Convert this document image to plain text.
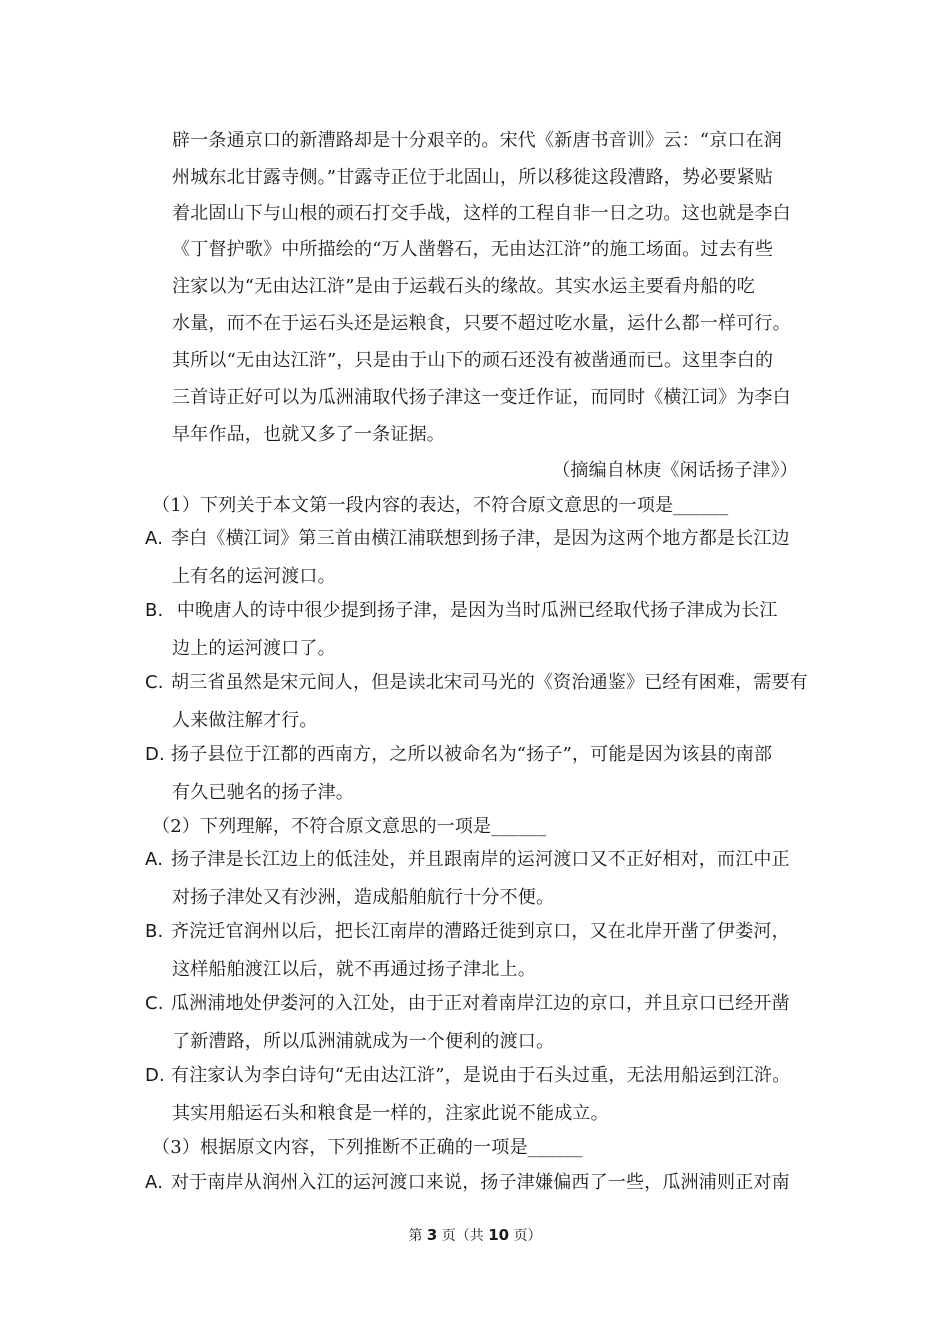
辟一条通京口的新漕路却是十分艰辛的。宋代《新唐书音训》云：“京口在润
州城东北甘露寺侧。”甘露寺正位于北固山，所以移徙这段漕路，势必要紧贴
着北固山下与山根的顽石打交手战，这样的工程自非一日之功。这也就是李白
《丁督护歌》中所描绘的“万人凿磐石，无由达江浒”的施工场面。过去有些
注家以为“无由达江浒”是由于运载石头的缘故。其实水运主要看舟船的吃
水量，而不在于运石头还是运粮食，只要不超过吃水量，运什么都一样可行。
其所以“无由达江浒”，只是由于山下的顽石还没有被凿通而已。这里李白的
三首诗正好可以为瓜洲浦取代扬子津这一变迁作证，而同时《横江词》为李白
早年作品，也就又多了一条证据。
（摘编自林庚《闲话扬子津》）
（1）下列关于本文第一段内容的表达，不符合原文意思的一项是______
A. 李白《横江词》第三首由横江浦联想到扬子津，是因为这两个地方都是长江边
上有名的运河渡口。
B. 中晚唐人的诗中很少提到扬子津，是因为当时瓜洲已经取代扬子津成为长江
边上的运河渡口了。
C. 胡三省虽然是宋元间人，但是读北宋司马光的《资治通鉴》已经有困难，需要有
人来做注解才行。
D. 扬子县位于江都的西南方，之所以被命名为“扬子”，可能是因为该县的南部
有久已驰名的扬子津。
（2）下列理解，不符合原文意思的一项是______
A. 扬子津是长江边上的低洼处，并且跟南岸的运河渡口又不正好相对，而江中正
对扬子津处又有沙洲，造成船舶航行十分不便。
B. 齐浣迁官润州以后，把长江南岸的漕路迁徙到京口，又在北岸开凿了伊娄河，
这样船舶渡江以后，就不再通过扬子津北上。
C. 瓜洲浦地处伊娄河的入江处，由于正对着南岸江边的京口，并且京口已经开凿
了新漕路，所以瓜洲浦就成为一个便利的渡口。
D. 有注家认为李白诗句“无由达江浒”，是说由于石头过重，无法用船运到江浒。
其实用船运石头和粮食是一样的，注家此说不能成立。
（3）根据原文内容，下列推断不正确的一项是______
A. 对于南岸从润州入江的运河渡口来说，扬子津嫌偏西了一些，瓜洲浦则正对南
第 3 页（共 10 页）
